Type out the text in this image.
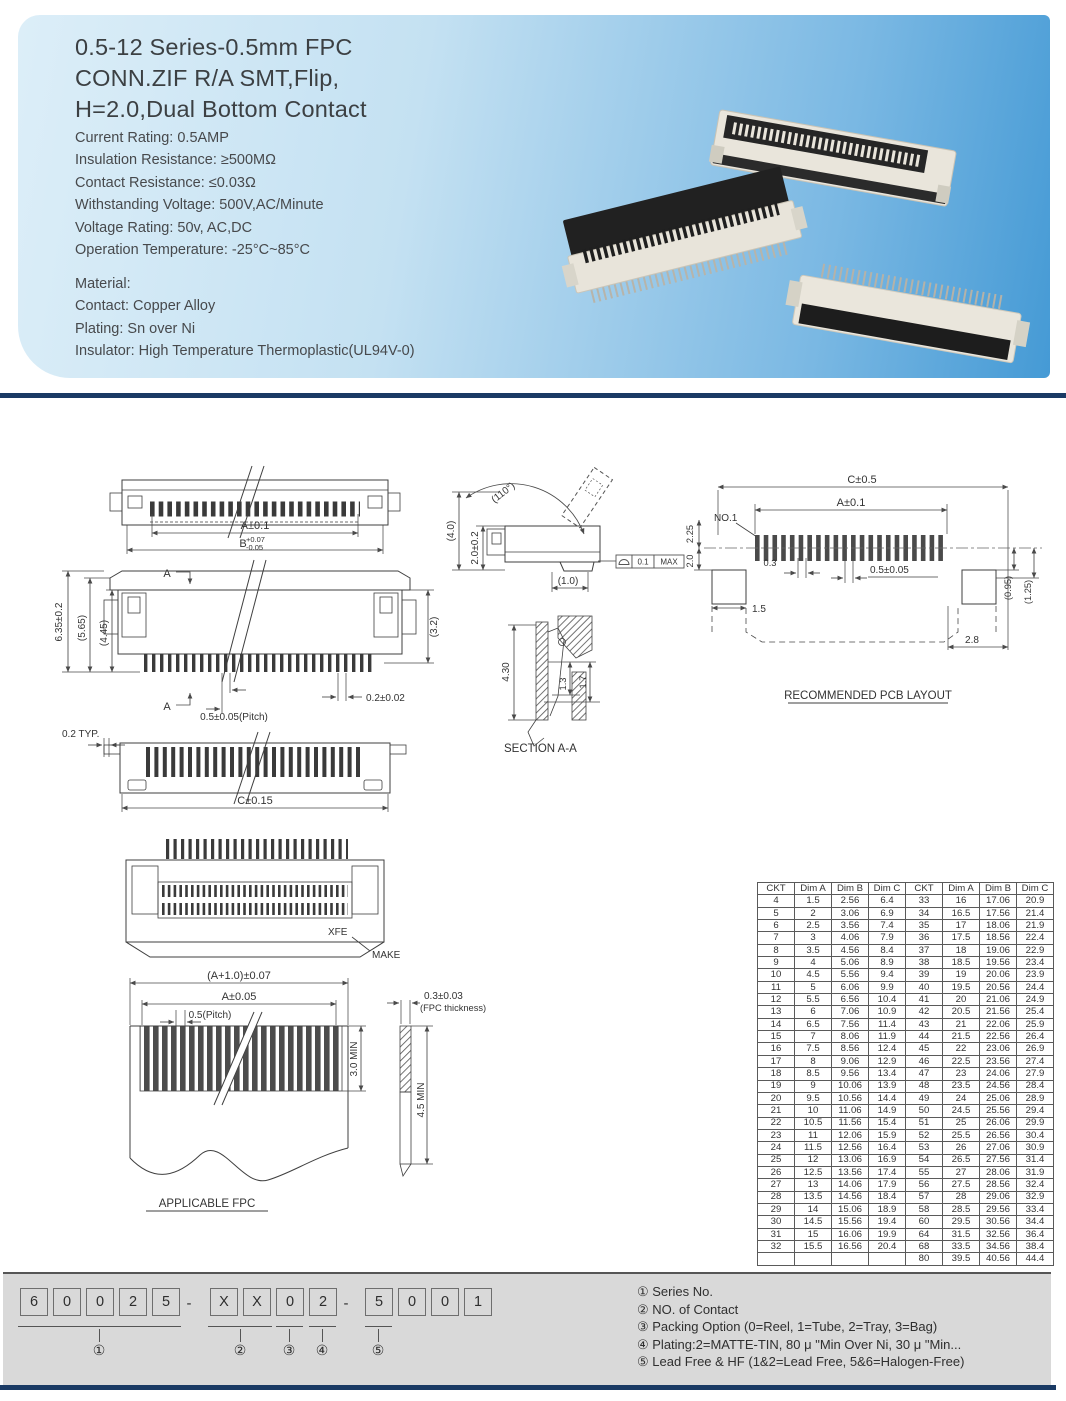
0.5-12 Series-0.5mm FPC
CONN.ZIF R/A SMT,Flip,
H=2.0,Dual Bottom Contact
Current Rating: 0.5AMP
Insulation Resistance: ≥500MΩ
Contact Resistance: ≤0.03Ω
Withstanding Voltage: 500V,AC/Minute
Voltage Rating: 50v, AC,DC
Operation Temperature: -25°C~85°C
Material:
Contact: Copper Alloy
Plating: Sn over Ni
Insulator: High Temperature Thermoplastic(UL94V-0)
A±0.1
B +0.07
-0.05
A
6.35±0.2 (5.65) (4.45)	(3.2)
A
0.2±0.02
0.5±0.05(Pitch)
0.2 TYP.
C±0.15
XFE
MAKE
(A+1.0)±0.07
A±0.05
0.5(Pitch)
3.0 MIN
0.3±0.03
(FPC thickness)
4.5 MIN
APPLICABLE FPC
(110°)
(4.0)
2.0±0.2
(1.0)
0.1 MAX
4.30
1.3 1.7
SECTION A-A
C±0.5
A±0.1
NO.1
0.3
0.5±0.05
1.5
2.25
2.0
(0.95) (1.25)
2.8
RECOMMENDED PCB LAYOUT
CKT	Dim A	Dim B	Dim C	CKT	Dim A	Dim B	Dim C
4	1.5	2.56	6.4	33	16	17.06	20.9
5	2	3.06	6.9	34	16.5	17.56	21.4
6	2.5	3.56	7.4	35	17	18.06	21.9
7	3	4.06	7.9	36	17.5	18.56	22.4
8	3.5	4.56	8.4	37	18	19.06	22.9
9	4	5.06	8.9	38	18.5	19.56	23.4
10	4.5	5.56	9.4	39	19	20.06	23.9
11	5	6.06	9.9	40	19.5	20.56	24.4
12	5.5	6.56	10.4	41	20	21.06	24.9
13	6	7.06	10.9	42	20.5	21.56	25.4
14	6.5	7.56	11.4	43	21	22.06	25.9
15	7	8.06	11.9	44	21.5	22.56	26.4
16	7.5	8.56	12.4	45	22	23.06	26.9
17	8	9.06	12.9	46	22.5	23.56	27.4
18	8.5	9.56	13.4	47	23	24.06	27.9
19	9	10.06	13.9	48	23.5	24.56	28.4
20	9.5	10.56	14.4	49	24	25.06	28.9
21	10	11.06	14.9	50	24.5	25.56	29.4
22	10.5	11.56	15.4	51	25	26.06	29.9
23	11	12.06	15.9	52	25.5	26.56	30.4
24	11.5	12.56	16.4	53	26	27.06	30.9
25	12	13.06	16.9	54	26.5	27.56	31.4
26	12.5	13.56	17.4	55	27	28.06	31.9
27	13	14.06	17.9	56	27.5	28.56	32.4
28	13.5	14.56	18.4	57	28	29.06	32.9
29	14	15.06	18.9	58	28.5	29.56	33.4
30	14.5	15.56	19.4	60	29.5	30.56	34.4
31	15	16.06	19.9	64	31.5	32.56	36.4
32	15.5	16.56	20.4	68	33.5	34.56	38.4
				80	39.5	40.56	44.4
6	0	0	2	5	-	X	X	0	2	-	5	0	0	1
①	②	③ ④	⑤
① Series No.
② NO. of Contact
③ Packing Option (0=Reel, 1=Tube, 2=Tray, 3=Bag)
④ Plating:2=MATTE-TIN, 80 μ "Min Over Ni, 30 μ "Min...
⑤ Lead Free & HF (1&2=Lead Free, 5&6=Halogen-Free)
